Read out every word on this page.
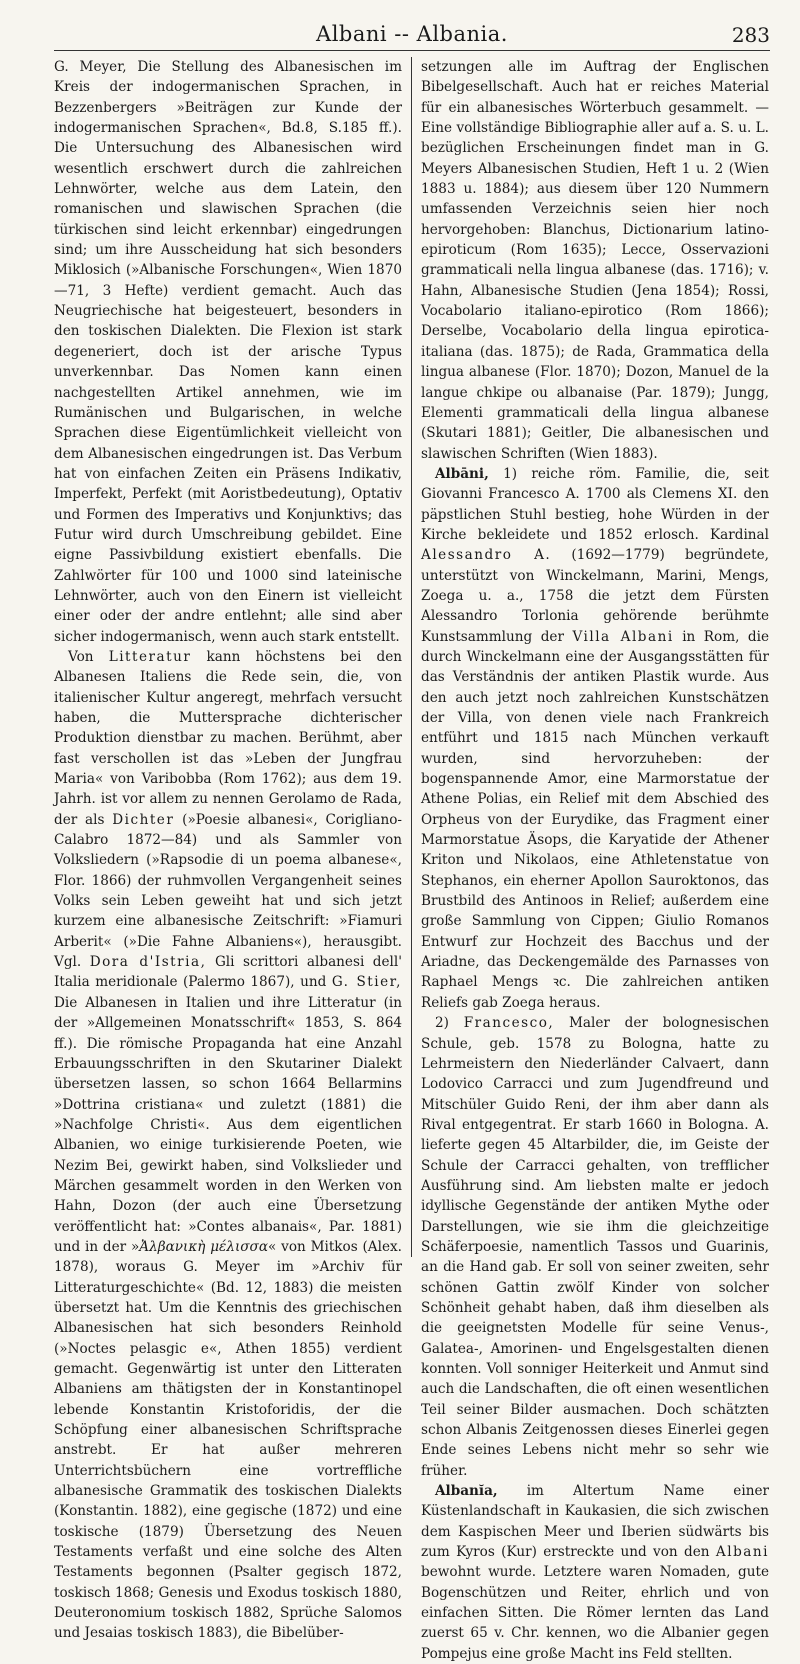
Albani -- Albania.	283

G. Meyer, Die Stellung des Albanesischen im Kreis der indogermanischen Sprachen, in Bezzenbergers »Beiträgen zur Kunde der indogermanischen Sprachen«, Bd.8, S.185 ff.). Die Untersuchung des Albanesischen wird wesentlich erschwert durch die zahlreichen Lehnwörter, welche aus dem Latein, den romanischen und slawischen Sprachen (die türkischen sind leicht erkennbar) eingedrungen sind; um ihre Ausscheidung hat sich besonders Miklosich (»Albanische Forschungen«, Wien 1870—71, 3 Hefte) verdient gemacht. Auch das Neugriechische hat beigesteuert, besonders in den toskischen Dialekten. Die Flexion ist stark degeneriert, doch ist der arische Typus unverkennbar. Das Nomen kann einen nachgestellten Artikel annehmen, wie im Rumänischen und Bulgarischen, in welche Sprachen diese Eigentümlichkeit vielleicht von dem Albanesischen eingedrungen ist. Das Verbum hat von einfachen Zeiten ein Präsens Indikativ, Imperfekt, Perfekt (mit Aoristbedeutung), Optativ und Formen des Imperativs und Konjunktivs; das Futur wird durch Umschreibung gebildet. Eine eigne Passivbildung existiert ebenfalls. Die Zahlwörter für 100 und 1000 sind lateinische Lehnwörter, auch von den Einern ist vielleicht einer oder der andre entlehnt; alle sind aber sicher indogermanisch, wenn auch stark entstellt.

Von Litteratur kann höchstens bei den Albanesen Italiens die Rede sein, die, von italienischer Kultur angeregt, mehrfach versucht haben, die Muttersprache dichterischer Produktion dienstbar zu machen. Berühmt, aber fast verschollen ist das »Leben der Jungfrau Maria« von Varibobba (Rom 1762); aus dem 19. Jahrh. ist vor allem zu nennen Gerolamo de Rada, der als Dichter (»Poesie albanesi«, Corigliano-Calabro 1872—84) und als Sammler von Volksliedern (»Rapsodie di un poema albanese«, Flor. 1866) der ruhmvollen Vergangenheit seines Volks sein Leben geweiht hat und sich jetzt kurzem eine albanesische Zeitschrift: »Fiamuri Arberit« (»Die Fahne Albaniens«), herausgibt. Vgl. Dora d'Istria, Gli scrittori albanesi dell' Italia meridionale (Palermo 1867), und G. Stier, Die Albanesen in Italien und ihre Litteratur (in der »Allgemeinen Monatsschrift« 1853, S. 864 ff.). Die römische Propaganda hat eine Anzahl Erbauungsschriften in den Skutariner Dialekt übersetzen lassen, so schon 1664 Bellarmins »Dottrina cristiana« und zuletzt (1881) die »Nachfolge Christi«. Aus dem eigentlichen Albanien, wo einige turkisierende Poeten, wie Nezim Bei, gewirkt haben, sind Volkslieder und Märchen gesammelt worden in den Werken von Hahn, Dozon (der auch eine Übersetzung veröffentlicht hat: »Contes albanais«, Par. 1881) und in der »Ἀλβανικὴ μέλισσα« von Mitkos (Alex. 1878), woraus G. Meyer im »Archiv für Litteraturgeschichte« (Bd. 12, 1883) die meisten übersetzt hat. Um die Kenntnis des griechischen Albanesischen hat sich besonders Reinhold (»Noctes pelasgic e«, Athen 1855) verdient gemacht. Gegenwärtig ist unter den Litteraten Albaniens am thätigsten der in Konstantinopel lebende Konstantin Kristoforidis, der die Schöpfung einer albanesischen Schriftsprache anstrebt. Er hat außer mehreren Unterrichtsbüchern eine vortreffliche albanesische Grammatik des toskischen Dialekts (Konstantin. 1882), eine gegische (1872) und eine toskische (1879) Übersetzung des Neuen Testaments verfaßt und eine solche des Alten Testaments begonnen (Psalter gegisch 1872, toskisch 1868; Genesis und Exodus toskisch 1880, Deuteronomium toskisch 1882, Sprüche Salomos und Jesaias toskisch 1883), die Bibelüber-

setzungen alle im Auftrag der Englischen Bibelgesellschaft. Auch hat er reiches Material für ein albanesisches Wörterbuch gesammelt. — Eine vollständige Bibliographie aller auf a. S. u. L. bezüglichen Erscheinungen findet man in G. Meyers Albanesischen Studien, Heft 1 u. 2 (Wien 1883 u. 1884); aus diesem über 120 Nummern umfassenden Verzeichnis seien hier noch hervorgehoben: Blanchus, Dictionarium latino-epiroticum (Rom 1635); Lecce, Osservazioni grammaticali nella lingua albanese (das. 1716); v. Hahn, Albanesische Studien (Jena 1854); Rossi, Vocabolario italiano-epirotico (Rom 1866); Derselbe, Vocabolario della lingua epirotica-italiana (das. 1875); de Rada, Grammatica della lingua albanese (Flor. 1870); Dozon, Manuel de la langue chkipe ou albanaise (Par. 1879); Jungg, Elementi grammaticali della lingua albanese (Skutari 1881); Geitler, Die albanesischen und slawischen Schriften (Wien 1883).

Albāni, 1) reiche röm. Familie, die, seit Giovanni Francesco A. 1700 als Clemens XI. den päpstlichen Stuhl bestieg, hohe Würden in der Kirche bekleidete und 1852 erlosch. Kardinal Alessandro A. (1692—1779) begründete, unterstützt von Winckelmann, Marini, Mengs, Zoega u. a., 1758 die jetzt dem Fürsten Alessandro Torlonia gehörende berühmte Kunstsammlung der Villa Albani in Rom, die durch Winckelmann eine der Ausgangsstätten für das Verständnis der antiken Plastik wurde. Aus den auch jetzt noch zahlreichen Kunstschätzen der Villa, von denen viele nach Frankreich entführt und 1815 nach München verkauft wurden, sind hervorzuheben: der bogenspannende Amor, eine Marmorstatue der Athene Polias, ein Relief mit dem Abschied des Orpheus von der Eurydike, das Fragment einer Marmorstatue Äsops, die Karyatide der Athener Kriton und Nikolaos, eine Athletenstatue von Stephanos, ein eherner Apollon Sauroktonos, das Brustbild des Antinoos in Relief; außerdem eine große Sammlung von Cippen; Giulio Romanos Entwurf zur Hochzeit des Bacchus und der Ariadne, das Deckengemälde des Parnasses von Raphael Mengs ꝛc. Die zahlreichen antiken Reliefs gab Zoega heraus.

2) Francesco, Maler der bolognesischen Schule, geb. 1578 zu Bologna, hatte zu Lehrmeistern den Niederländer Calvaert, dann Lodovico Carracci und zum Jugendfreund und Mitschüler Guido Reni, der ihm aber dann als Rival entgegentrat. Er starb 1660 in Bologna. A. lieferte gegen 45 Altarbilder, die, im Geiste der Schule der Carracci gehalten, von trefflicher Ausführung sind. Am liebsten malte er jedoch idyllische Gegenstände der antiken Mythe oder Darstellungen, wie sie ihm die gleichzeitige Schäferpoesie, namentlich Tassos und Guarinis, an die Hand gab. Er soll von seiner zweiten, sehr schönen Gattin zwölf Kinder von solcher Schönheit gehabt haben, daß ihm dieselben als die geeignetsten Modelle für seine Venus-, Galatea-, Amorinen- und Engelsgestalten dienen konnten. Voll sonniger Heiterkeit und Anmut sind auch die Landschaften, die oft einen wesentlichen Teil seiner Bilder ausmachen. Doch schätzten schon Albanis Zeitgenossen dieses Einerlei gegen Ende seines Lebens nicht mehr so sehr wie früher.

Albanĭa, im Altertum Name einer Küstenlandschaft in Kaukasien, die sich zwischen dem Kaspischen Meer und Iberien südwärts bis zum Kyros (Kur) erstreckte und von den Albani bewohnt wurde. Letztere waren Nomaden, gute Bogenschützen und Reiter, ehrlich und von einfachen Sitten. Die Römer lernten das Land zuerst 65 v. Chr. kennen, wo die Albanier gegen Pompejus eine große Macht ins Feld stellten.
